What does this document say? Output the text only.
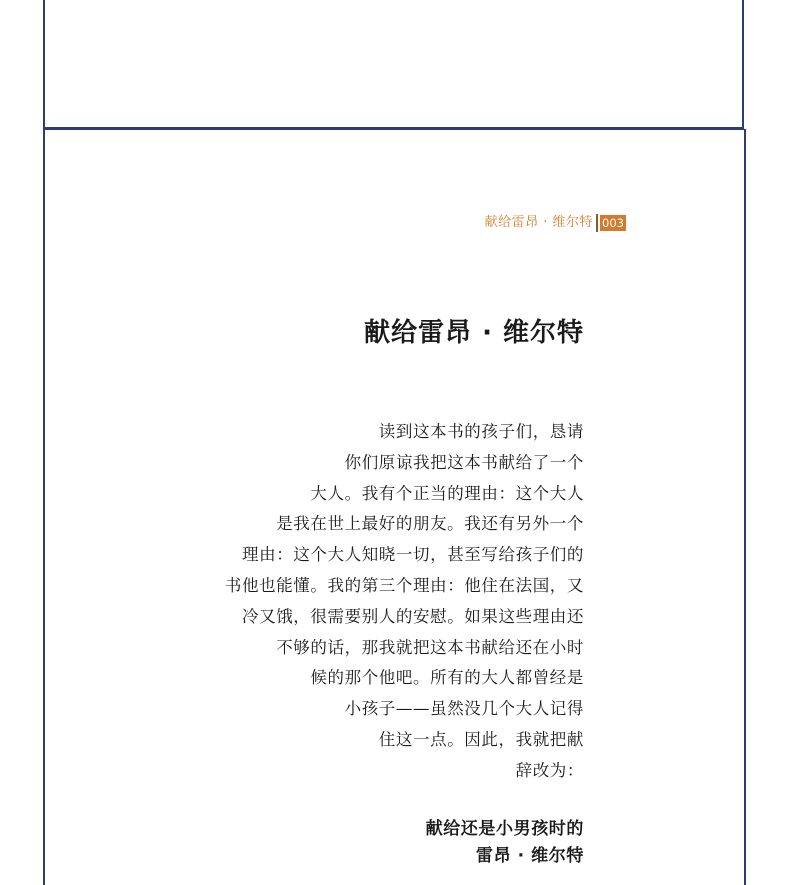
献给雷昂 · 维尔特 003
献给雷昂 · 维尔特
读到这本书的孩子们，恳请
你们原谅我把这本书献给了一个
大人。我有个正当的理由：这个大人
是我在世上最好的朋友。我还有另外一个
理由：这个大人知晓一切，甚至写给孩子们的
书他也能懂。我的第三个理由：他住在法国，又
冷又饿，很需要别人的安慰。如果这些理由还
不够的话，那我就把这本书献给还在小时
候的那个他吧。所有的大人都曾经是
小孩子——虽然没几个大人记得
住这一点。因此，我就把献
辞改为：
献给还是小男孩时的
雷昂 · 维尔特
